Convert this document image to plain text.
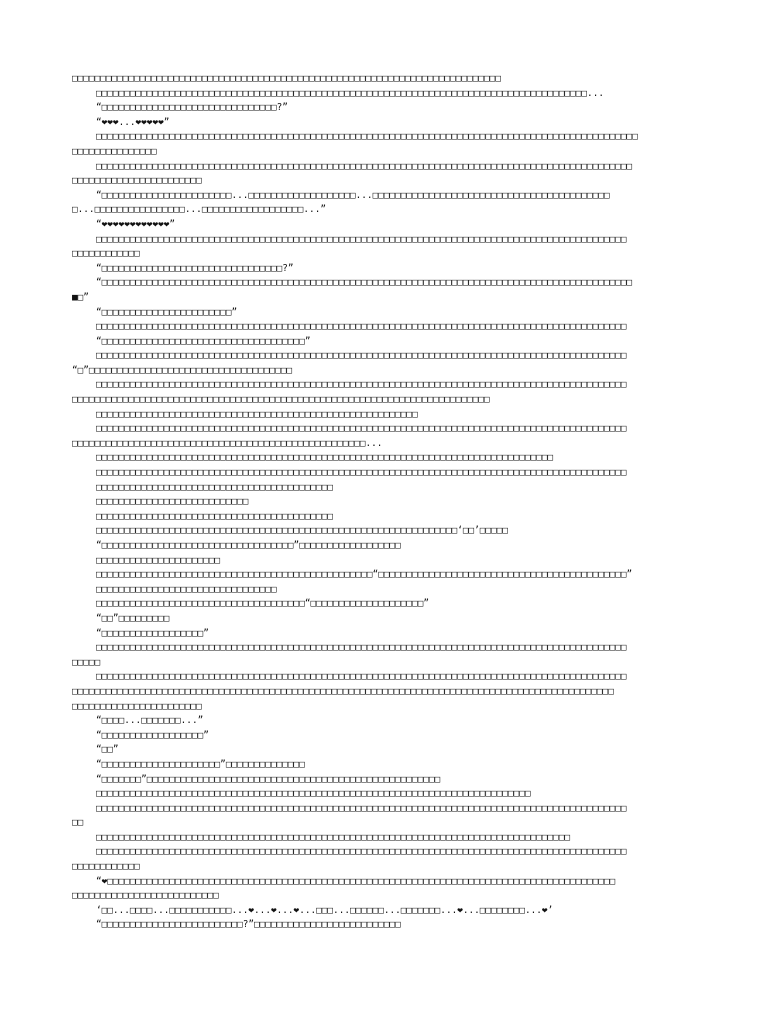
□□□□□□□□□□□□□□□□□□□□□□□□□□□□□□□□□□□□□□□□□□□□□□□□□□□□□□□□□□□□□□□□□□□□□□□□□□□□
□□□□□□□□□□□□□□□□□□□□□□□□□□□□□□□□□□□□□□□□□□□□□□□□□□□□□□□□□□□□□□□□□□□□□□□□□□□□□□□□□□□□□□□...
“□□□□□□□□□□□□□□□□□□□□□□□□□□□□□□□?”
“❤❤❤...❤❤❤❤❤”
□□□□□□□□□□□□□□□□□□□□□□□□□□□□□□□□□□□□□□□□□□□□□□□□□□□□□□□□□□□□□□□□□□□□□□□□□□□□□□□□□□□□□□□□□□□□□□□□
□□□□□□□□□□□□□□□
□□□□□□□□□□□□□□□□□□□□□□□□□□□□□□□□□□□□□□□□□□□□□□□□□□□□□□□□□□□□□□□□□□□□□□□□□□□□□□□□□□□□□□□□□□□□□□□
□□□□□□□□□□□□□□□□□□□□□□□
“□□□□□□□□□□□□□□□□□□□□□□□...□□□□□□□□□□□□□□□□□□□...□□□□□□□□□□□□□□□□□□□□□□□□□□□□□□□□□□□□□□□□□□
□...□□□□□□□□□□□□□□□□...□□□□□□□□□□□□□□□□□□...”
“❤❤❤❤❤❤❤❤❤❤❤❤”
□□□□□□□□□□□□□□□□□□□□□□□□□□□□□□□□□□□□□□□□□□□□□□□□□□□□□□□□□□□□□□□□□□□□□□□□□□□□□□□□□□□□□□□□□□□□□□
□□□□□□□□□□□□
“□□□□□□□□□□□□□□□□□□□□□□□□□□□□□□□□?”
“□□□□□□□□□□□□□□□□□□□□□□□□□□□□□□□□□□□□□□□□□□□□□□□□□□□□□□□□□□□□□□□□□□□□□□□□□□□□□□□□□□□□□□□□□□□□□□
■□”
“□□□□□□□□□□□□□□□□□□□□□□□”
□□□□□□□□□□□□□□□□□□□□□□□□□□□□□□□□□□□□□□□□□□□□□□□□□□□□□□□□□□□□□□□□□□□□□□□□□□□□□□□□□□□□□□□□□□□□□□
“□□□□□□□□□□□□□□□□□□□□□□□□□□□□□□□□□□□□”
□□□□□□□□□□□□□□□□□□□□□□□□□□□□□□□□□□□□□□□□□□□□□□□□□□□□□□□□□□□□□□□□□□□□□□□□□□□□□□□□□□□□□□□□□□□□□□
“□”□□□□□□□□□□□□□□□□□□□□□□□□□□□□□□□□□□□□
□□□□□□□□□□□□□□□□□□□□□□□□□□□□□□□□□□□□□□□□□□□□□□□□□□□□□□□□□□□□□□□□□□□□□□□□□□□□□□□□□□□□□□□□□□□□□□
□□□□□□□□□□□□□□□□□□□□□□□□□□□□□□□□□□□□□□□□□□□□□□□□□□□□□□□□□□□□□□□□□□□□□□□□□□
□□□□□□□□□□□□□□□□□□□□□□□□□□□□□□□□□□□□□□□□□□□□□□□□□□□□□□□□□
□□□□□□□□□□□□□□□□□□□□□□□□□□□□□□□□□□□□□□□□□□□□□□□□□□□□□□□□□□□□□□□□□□□□□□□□□□□□□□□□□□□□□□□□□□□□□□
□□□□□□□□□□□□□□□□□□□□□□□□□□□□□□□□□□□□□□□□□□□□□□□□□□□□...
□□□□□□□□□□□□□□□□□□□□□□□□□□□□□□□□□□□□□□□□□□□□□□□□□□□□□□□□□□□□□□□□□□□□□□□□□□□□□□□□□
□□□□□□□□□□□□□□□□□□□□□□□□□□□□□□□□□□□□□□□□□□□□□□□□□□□□□□□□□□□□□□□□□□□□□□□□□□□□□□□□□□□□□□□□□□□□□□
□□□□□□□□□□□□□□□□□□□□□□□□□□□□□□□□□□□□□□□□□□
□□□□□□□□□□□□□□□□□□□□□□□□□□□
□□□□□□□□□□□□□□□□□□□□□□□□□□□□□□□□□□□□□□□□□□
□□□□□□□□□□□□□□□□□□□□□□□□□□□□□□□□□□□□□□□□□□□□□□□□□□□□□□□□□□□□□□□□‘□□’□□□□□
“□□□□□□□□□□□□□□□□□□□□□□□□□□□□□□□□□□”□□□□□□□□□□□□□□□□□□
□□□□□□□□□□□□□□□□□□□□□□
□□□□□□□□□□□□□□□□□□□□□□□□□□□□□□□□□□□□□□□□□□□□□□□□□“□□□□□□□□□□□□□□□□□□□□□□□□□□□□□□□□□□□□□□□□□□□□”
□□□□□□□□□□□□□□□□□□□□□□□□□□□□□□□□
□□□□□□□□□□□□□□□□□□□□□□□□□□□□□□□□□□□□□“□□□□□□□□□□□□□□□□□□□□”
“□□”□□□□□□□□□
“□□□□□□□□□□□□□□□□□□”
□□□□□□□□□□□□□□□□□□□□□□□□□□□□□□□□□□□□□□□□□□□□□□□□□□□□□□□□□□□□□□□□□□□□□□□□□□□□□□□□□□□□□□□□□□□□□□
□□□□□
□□□□□□□□□□□□□□□□□□□□□□□□□□□□□□□□□□□□□□□□□□□□□□□□□□□□□□□□□□□□□□□□□□□□□□□□□□□□□□□□□□□□□□□□□□□□□□
□□□□□□□□□□□□□□□□□□□□□□□□□□□□□□□□□□□□□□□□□□□□□□□□□□□□□□□□□□□□□□□□□□□□□□□□□□□□□□□□□□□□□□□□□□□□□□□□
□□□□□□□□□□□□□□□□□□□□□□□
“□□□□...□□□□□□□...”
“□□□□□□□□□□□□□□□□□□”
“□□”
“□□□□□□□□□□□□□□□□□□□□□”□□□□□□□□□□□□□□
“□□□□□□□”□□□□□□□□□□□□□□□□□□□□□□□□□□□□□□□□□□□□□□□□□□□□□□□□□□□□
□□□□□□□□□□□□□□□□□□□□□□□□□□□□□□□□□□□□□□□□□□□□□□□□□□□□□□□□□□□□□□□□□□□□□□□□□□□□□
□□□□□□□□□□□□□□□□□□□□□□□□□□□□□□□□□□□□□□□□□□□□□□□□□□□□□□□□□□□□□□□□□□□□□□□□□□□□□□□□□□□□□□□□□□□□□□
□□
□□□□□□□□□□□□□□□□□□□□□□□□□□□□□□□□□□□□□□□□□□□□□□□□□□□□□□□□□□□□□□□□□□□□□□□□□□□□□□□□□□□□
□□□□□□□□□□□□□□□□□□□□□□□□□□□□□□□□□□□□□□□□□□□□□□□□□□□□□□□□□□□□□□□□□□□□□□□□□□□□□□□□□□□□□□□□□□□□□□
□□□□□□□□□□□□
“❤□□□□□□□□□□□□□□□□□□□□□□□□□□□□□□□□□□□□□□□□□□□□□□□□□□□□□□□□□□□□□□□□□□□□□□□□□□□□□□□□□□□□□□□□□□
□□□□□□□□□□□□□□□□□□□□□□□□□□
‘□□...□□□□...□□□□□□□□□□□...❤...❤...❤...□□□...□□□□□□...□□□□□□□...❤...□□□□□□□□...❤’
“□□□□□□□□□□□□□□□□□□□□□□□□□?”□□□□□□□□□□□□□□□□□□□□□□□□□□
